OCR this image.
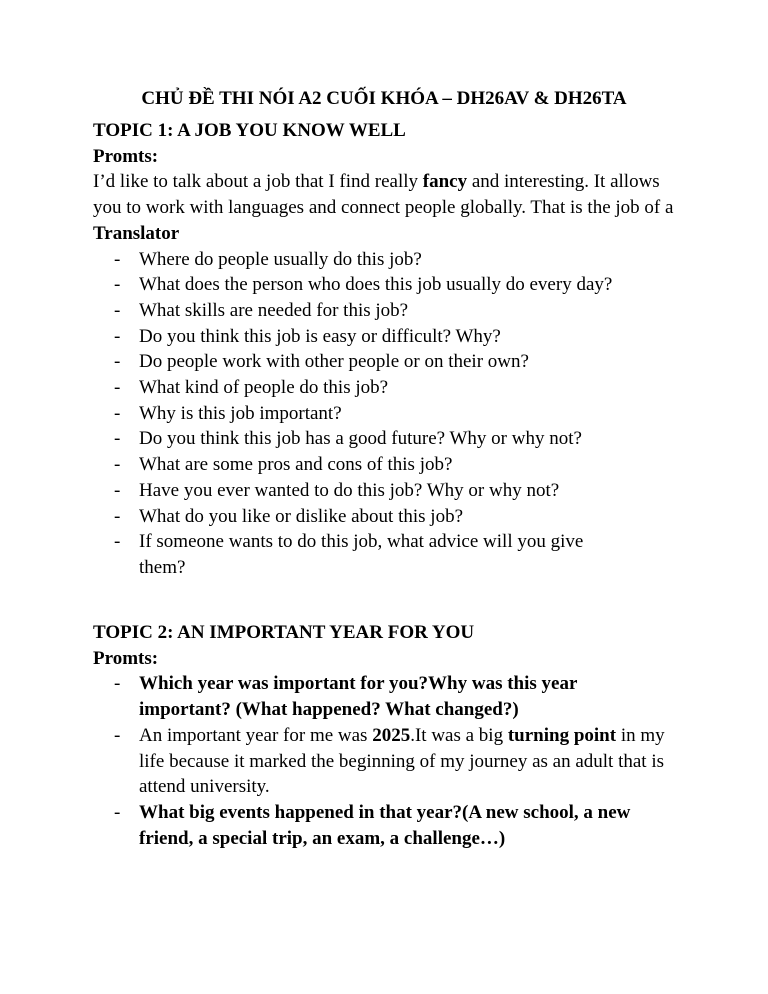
CHỦ ĐỀ THI NÓI A2 CUỐI KHÓA – DH26AV & DH26TA

TOPIC 1: A JOB YOU KNOW WELL

Promts:

I’d like to talk about a job that I find really fancy and interesting. It allows you to work with languages and connect people globally. That is the job of a Translator

- Where do people usually do this job?
- What does the person who does this job usually do every day?
- What skills are needed for this job?
- Do you think this job is easy or difficult? Why?
- Do people work with other people or on their own?
- What kind of people do this job?
- Why is this job important?
- Do you think this job has a good future? Why or why not?
- What are some pros and cons of this job?
- Have you ever wanted to do this job? Why or why not?
- What do you like or dislike about this job?
- If someone wants to do this job, what advice will you give them?

TOPIC 2: AN IMPORTANT YEAR FOR YOU

Promts:

- Which year was important for you?Why was this year important? (What happened? What changed?)
- An important year for me was 2025.It was a big turning point in my life because it marked the beginning of my journey as an adult that is attend university.
- What big events happened in that year?(A new school, a new friend, a special trip, an exam, a challenge…)
